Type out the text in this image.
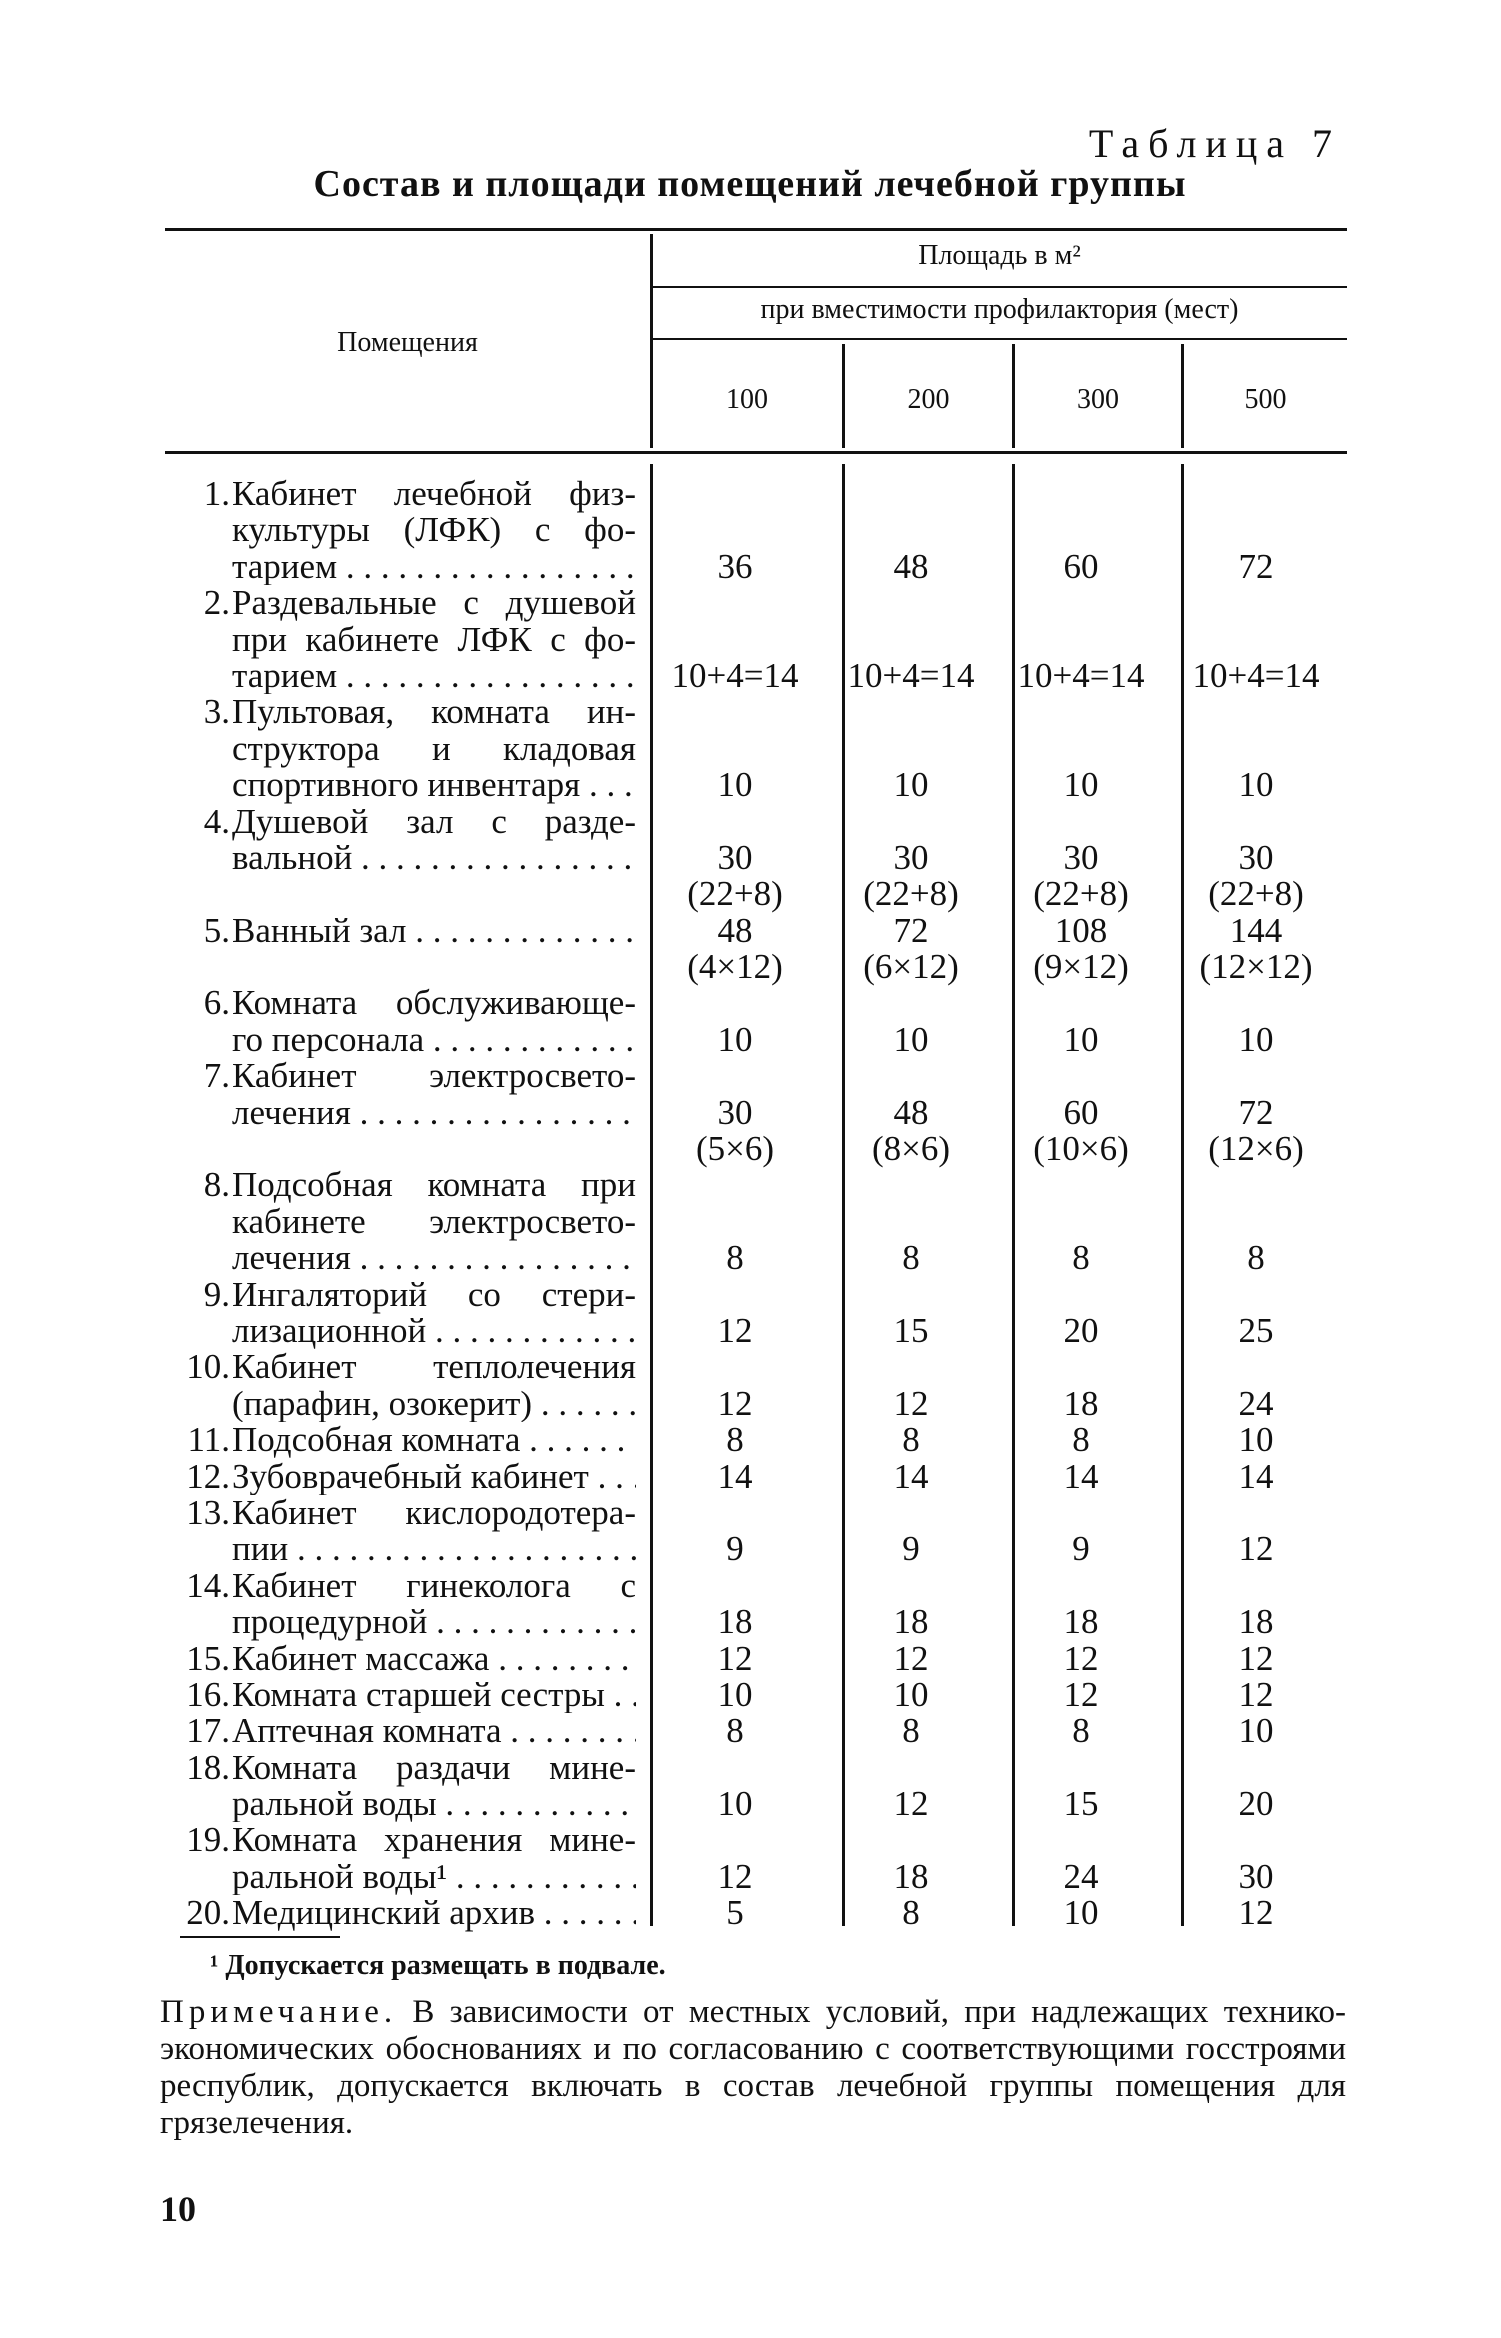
Таблица 7
Состав и площади помещений лечебной группы
Помещения
Площадь в м²
при вместимости профилактория (мест)
100	200	300	500
1. Кабинет лечебной физ-
культуры (ЛФК) с фо-
тарием . . .	36	48	60	72
2. Раздевальные с душевой
при кабинете ЛФК с фо-
тарием . . .	10+4=14	10+4=14	10+4=14	10+4=14
3. Пультовая, комната ин-
структора и кладовая
спортивного инвентаря . . .	10	10	10	10
4. Душевой зал с разде-
вальной . . .	30	30	30	30
(22+8)	(22+8)	(22+8)	(22+8)
5. Ванный зал . . .	48	72	108	144
(4×12)	(6×12)	(9×12)	(12×12)
6. Комната обслуживающе-
го персонала . . .	10	10	10	10
7. Кабинет электросвето-
лечения . . .	30	48	60	72
(5×6)	(8×6)	(10×6)	(12×6)
8. Подсобная комната при
кабинете электросвето-
лечения . . .	8	8	8	8
9. Ингаляторий со стери-
лизационной . . .	12	15	20	25
10. Кабинет теплолечения
(парафин, озокерит) . . .	12	12	18	24
11. Подсобная комната . . .	8	8	8	10
12. Зубоврачебный кабинет . . .	14	14	14	14
13. Кабинет кислородотера-
пии . . .	9	9	9	12
14. Кабинет гинеколога с
процедурной . . .	18	18	18	18
15. Кабинет массажа . . .	12	12	12	12
16. Комната старшей сестры . . .	10	10	12	12
17. Аптечная комната . . .	8	8	8	10
18. Комната раздачи мине-
ральной воды . . .	10	12	15	20
19. Комната хранения мине-
ральной воды¹ . . .	12	18	24	30
20. Медицинский архив . . .	5	8	10	12
¹ Допускается размещать в подвале.
Примечание. В зависимости от местных условий, при надлежащих технико-экономических обоснованиях и по согласованию с соответствующими госстроями республик, допускается включать в состав лечебной группы помещения для грязелечения.
10
